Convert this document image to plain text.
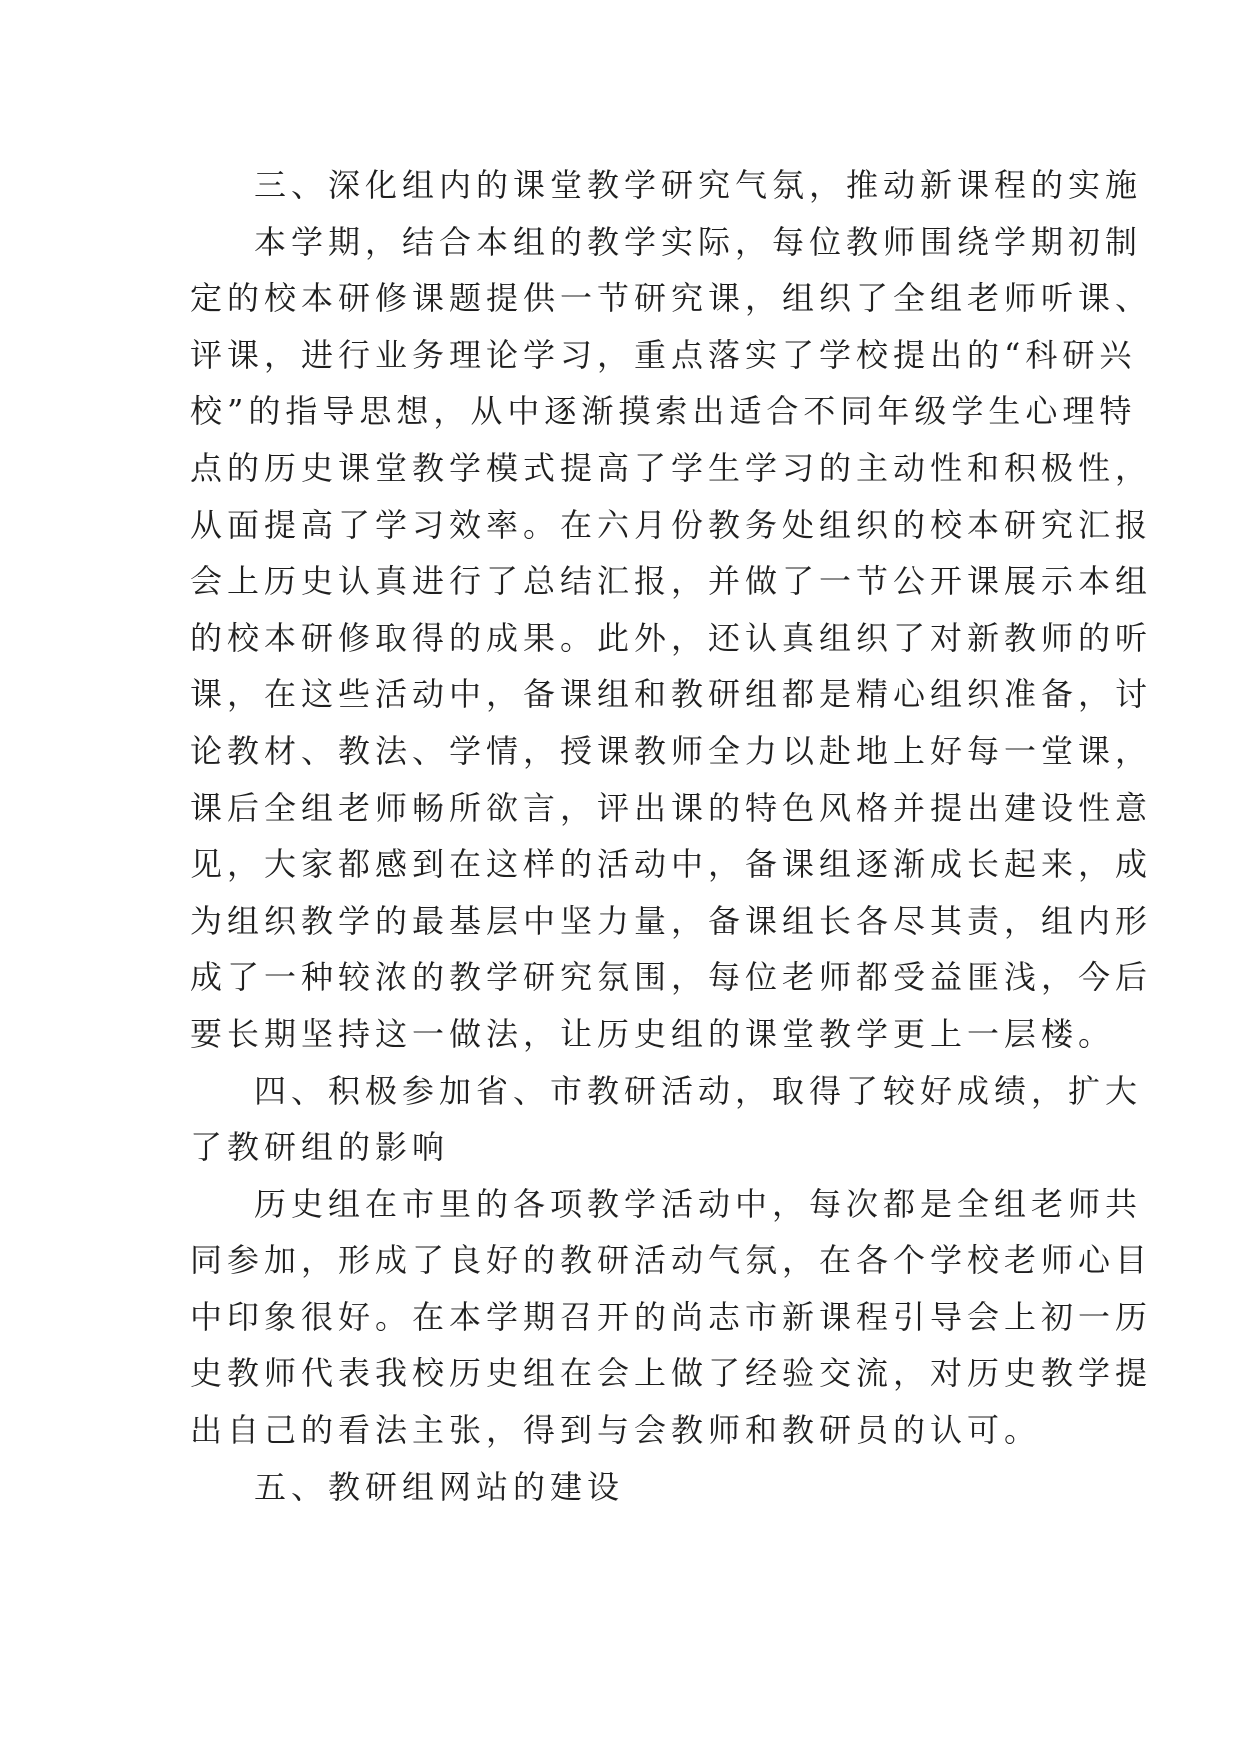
三、深化组内的课堂教学研究气氛，推动新课程的实施
本学期，结合本组的教学实际，每位教师围绕学期初制
定的校本研修课题提供一节研究课，组织了全组老师听课、
评课，进行业务理论学习，重点落实了学校提出的“科研兴
校”的指导思想，从中逐渐摸索出适合不同年级学生心理特
点的历史课堂教学模式提高了学生学习的主动性和积极性，
从面提高了学习效率。在六月份教务处组织的校本研究汇报
会上历史认真进行了总结汇报，并做了一节公开课展示本组
的校本研修取得的成果。此外，还认真组织了对新教师的听
课，在这些活动中，备课组和教研组都是精心组织准备，讨
论教材、教法、学情，授课教师全力以赴地上好每一堂课，
课后全组老师畅所欲言，评出课的特色风格并提出建设性意
见，大家都感到在这样的活动中，备课组逐渐成长起来，成
为组织教学的最基层中坚力量，备课组长各尽其责，组内形
成了一种较浓的教学研究氛围，每位老师都受益匪浅，今后
要长期坚持这一做法，让历史组的课堂教学更上一层楼。
四、积极参加省、市教研活动，取得了较好成绩，扩大
了教研组的影响
历史组在市里的各项教学活动中，每次都是全组老师共
同参加，形成了良好的教研活动气氛，在各个学校老师心目
中印象很好。在本学期召开的尚志市新课程引导会上初一历
史教师代表我校历史组在会上做了经验交流，对历史教学提
出自己的看法主张，得到与会教师和教研员的认可。
五、教研组网站的建设
